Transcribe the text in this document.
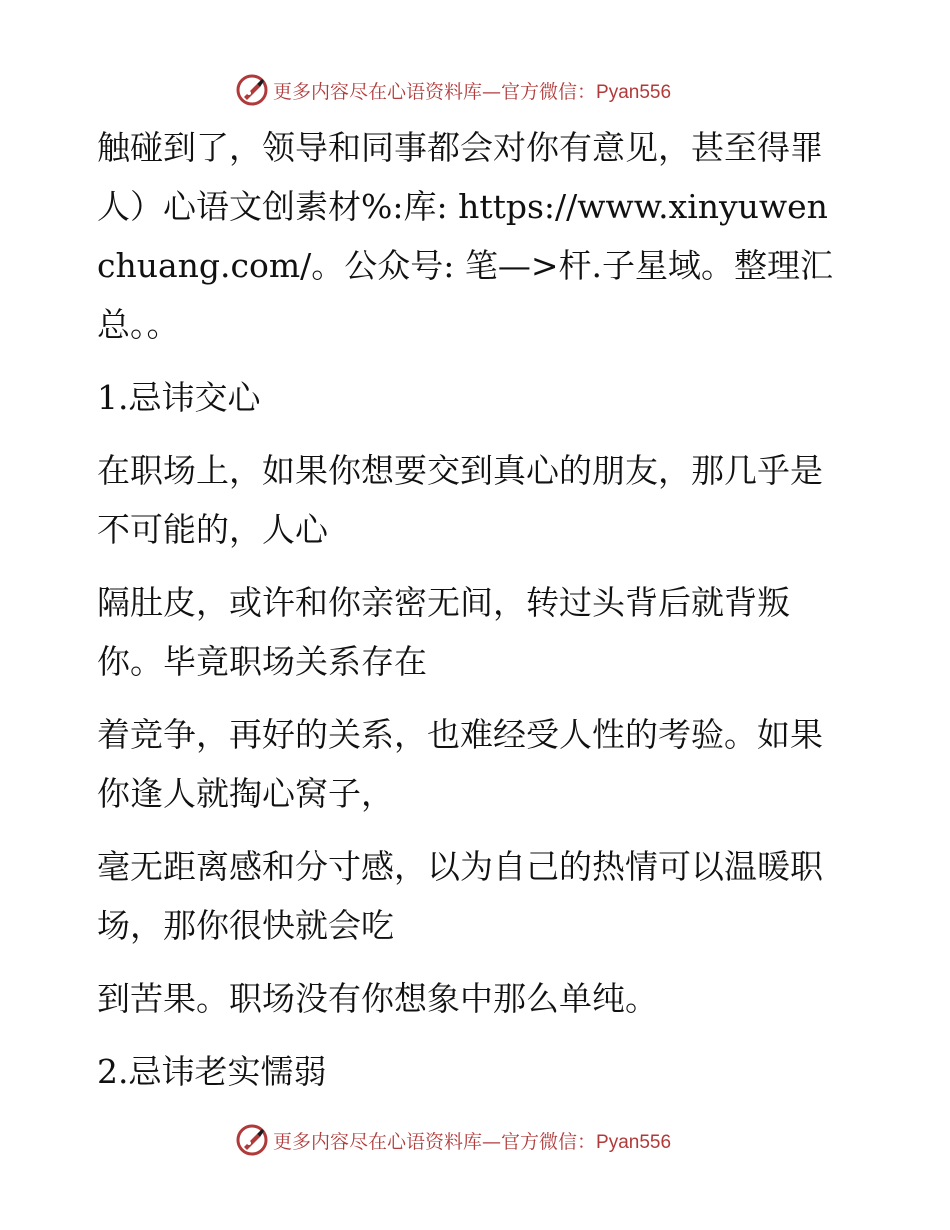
更多内容尽在心语资料库—官方微信：Pyan556

触碰到了，领导和同事都会对你有意见，甚至得罪人）心语文创素材%:库: https://www.xinyuwenchuang.com/。公众号: 笔—>杆.子星域。整理汇总。。

1.忌讳交心

在职场上，如果你想要交到真心的朋友，那几乎是不可能的，人心

隔肚皮，或许和你亲密无间，转过头背后就背叛你。毕竟职场关系存在

着竞争，再好的关系，也难经受人性的考验。如果你逢人就掏心窝子，

毫无距离感和分寸感，以为自己的热情可以温暖职场，那你很快就会吃

到苦果。职场没有你想象中那么单纯。

2.忌讳老实懦弱

更多内容尽在心语资料库—官方微信：Pyan556
